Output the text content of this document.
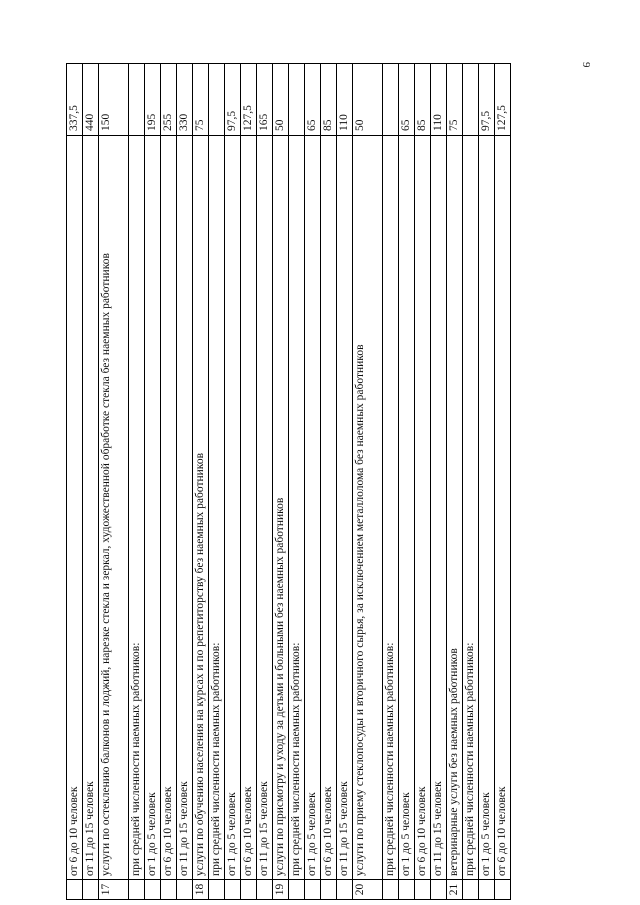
9
	от 6 до 10 человек	337,5
	от 11 до 15 человек	440
17	услуги по остеклению балконов и лоджий, нарезке стекла и зеркал, художественной обработке стекла без наемных работников	150
	при средней численности наемных работников:	
	от 1 до 5 человек	195
	от 6 до 10 человек	255
	от 11 до 15 человек	330
18	услуги по обучению населения на курсах и по репетиторству без наемных работников	75
	при средней численности наемных работников:	
	от 1 до 5 человек	97,5
	от 6 до 10 человек	127,5
	от 11 до 15 человек	165
19	услуги по присмотру и уходу за детьми и больными без наемных работников	50
	при средней численности наемных работников:	
	от 1 до 5 человек	65
	от 6 до 10 человек	85
	от 11 до 15 человек	110
20	услуги по приему стеклопосуды и вторичного сырья, за исключением металлолома без наемных работников	50
	при средней численности наемных работников:	
	от 1 до 5 человек	65
	от 6 до 10 человек	85
	от 11 до 15 человек	110
21	ветеринарные услуги без наемных работников	75
	при средней численности наемных работников:	
	от 1 до 5 человек	97,5
	от 6 до 10 человек	127,5
